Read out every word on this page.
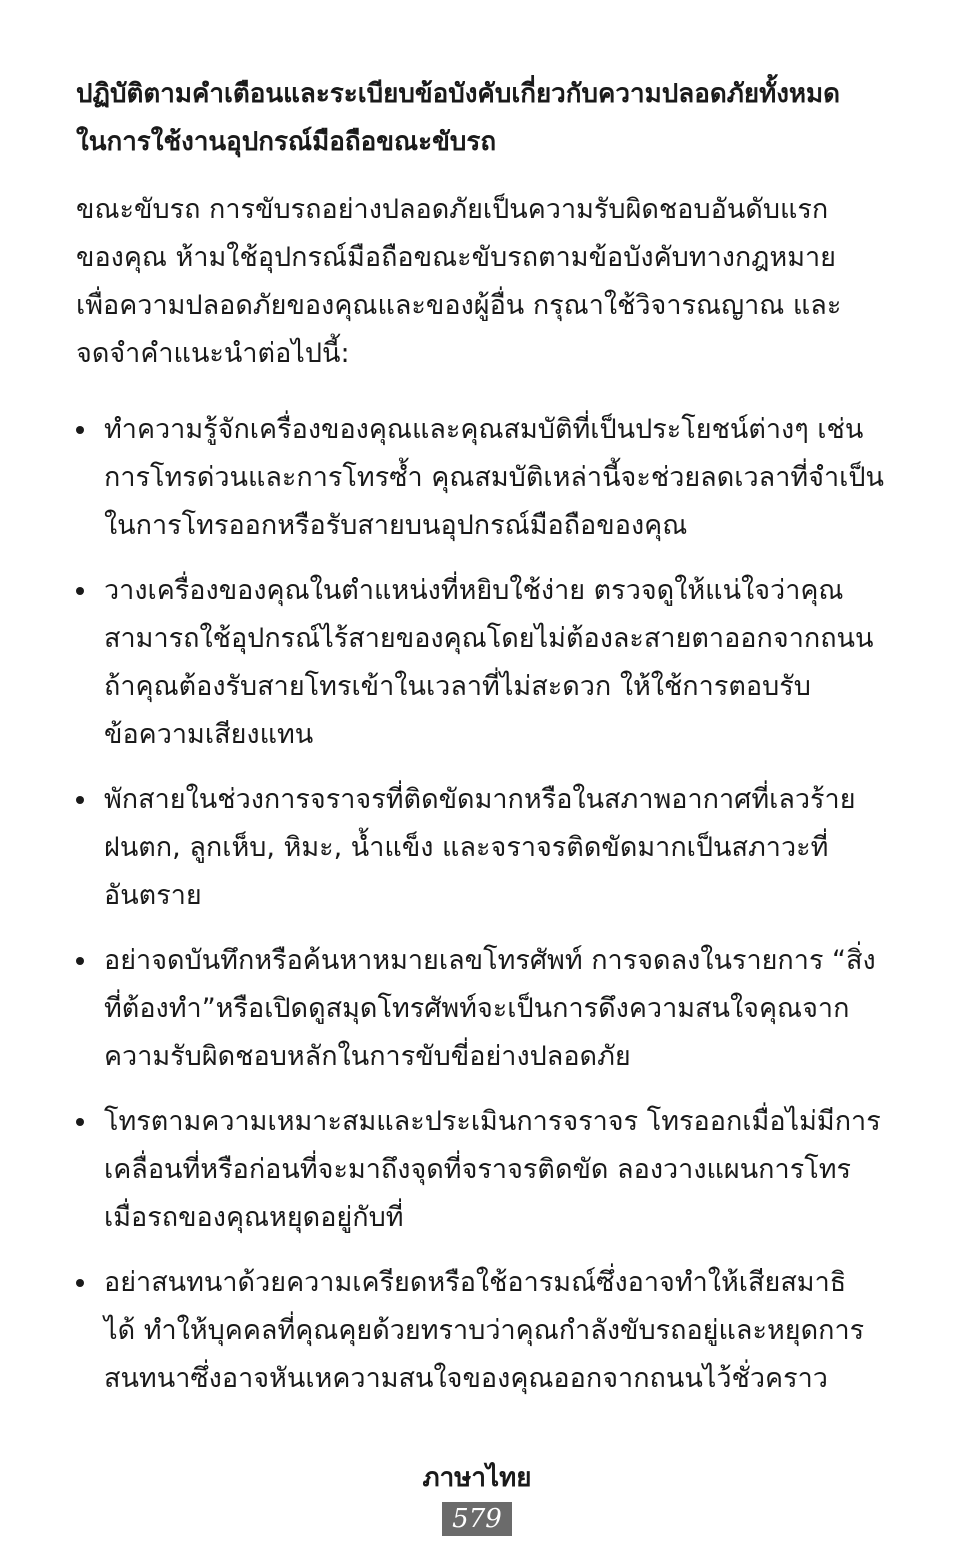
ปฏิบัติตามคำเตือนและระเบียบข้อบังคับเกี่ยวกับความปลอดภัยทั้งหมด
ในการใช้งานอุปกรณ์มือถือขณะขับรถ

ขณะขับรถ การขับรถอย่างปลอดภัยเป็นความรับผิดชอบอันดับแรก
ของคุณ ห้ามใช้อุปกรณ์มือถือขณะขับรถตามข้อบังคับทางกฎหมาย
เพื่อความปลอดภัยของคุณและของผู้อื่น กรุณาใช้วิจารณญาณ และ
จดจำคำแนะนำต่อไปนี้:

ทำความรู้จักเครื่องของคุณและคุณสมบัติที่เป็นประโยชน์ต่างๆ เช่น
การโทรด่วนและการโทรซ้ำ คุณสมบัติเหล่านี้จะช่วยลดเวลาที่จำเป็น
ในการโทรออกหรือรับสายบนอุปกรณ์มือถือของคุณ
วางเครื่องของคุณในตำแหน่งที่หยิบใช้ง่าย ตรวจดูให้แน่ใจว่าคุณ
สามารถใช้อุปกรณ์ไร้สายของคุณโดยไม่ต้องละสายตาออกจากถนน
ถ้าคุณต้องรับสายโทรเข้าในเวลาที่ไม่สะดวก ให้ใช้การตอบรับ
ข้อความเสียงแทน
พักสายในช่วงการจราจรที่ติดขัดมากหรือในสภาพอากาศที่เลวร้าย
ฝนตก, ลูกเห็บ, หิมะ, น้ำแข็ง และจราจรติดขัดมากเป็นสภาวะที่
อันตราย
อย่าจดบันทึกหรือค้นหาหมายเลขโทรศัพท์ การจดลงในรายการ “สิ่ง
ที่ต้องทำ”หรือเปิดดูสมุดโทรศัพท์จะเป็นการดึงความสนใจคุณจาก
ความรับผิดชอบหลักในการขับขี่อย่างปลอดภัย
โทรตามความเหมาะสมและประเมินการจราจร โทรออกเมื่อไม่มีการ
เคลื่อนที่หรือก่อนที่จะมาถึงจุดที่จราจรติดขัด ลองวางแผนการโทร
เมื่อรถของคุณหยุดอยู่กับที่
อย่าสนทนาด้วยความเครียดหรือใช้อารมณ์ซึ่งอาจทำให้เสียสมาธิ
ได้ ทำให้บุคคลที่คุณคุยด้วยทราบว่าคุณกำลังขับรถอยู่และหยุดการ
สนทนาซึ่งอาจหันเหความสนใจของคุณออกจากถนนไว้ชั่วคราว
ภาษาไทย
579
